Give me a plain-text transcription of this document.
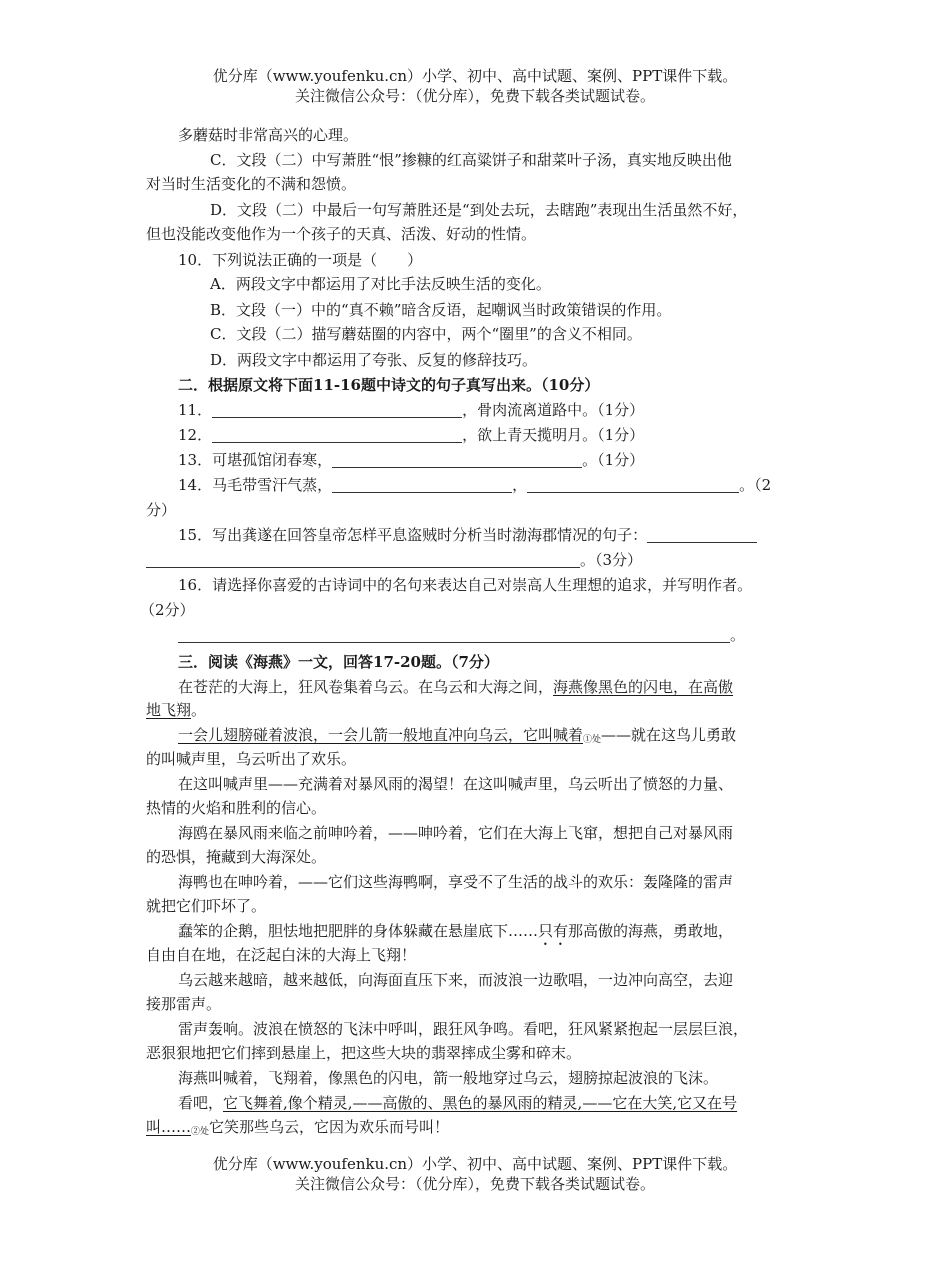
优分库（www.youfenku.cn）小学、初中、高中试题、案例、PPT课件下载。
关注微信公众号：（优分库），免费下载各类试题试卷。
多蘑菇时非常高兴的心理。
C．文段（二）中写萧胜“恨”掺糠的红高粱饼子和甜菜叶子汤，真实地反映出他
对当时生活变化的不满和怨愤。
D．文段（二）中最后一句写萧胜还是“到处去玩，去瞎跑”表现出生活虽然不好，
但也没能改变他作为一个孩子的天真、活泼、好动的性情。
10．下列说法正确的一项是（　　）
A．两段文字中都运用了对比手法反映生活的变化。
B．文段（一）中的“真不赖”暗含反语，起嘲讽当时政策错误的作用。
C．文段（二）描写蘑菇圈的内容中，两个“圈里”的含义不相同。
D．两段文字中都运用了夸张、反复的修辞技巧。
二．根据原文将下面11-16题中诗文的句子真写出来。（10分）
11．	，骨肉流离道路中。（1分）
12．	，欲上青天揽明月。（1分）
13．可堪孤馆闭春寒，	。（1分）
14．马毛带雪汗气蒸，	，	。（2
分）
15．写出龚遂在回答皇帝怎样平息盗贼时分析当时渤海郡情况的句子：
。（3分）
16．请选择你喜爱的古诗词中的名句来表达自己对崇高人生理想的追求，并写明作者。
（2分）
。
三．阅读《海燕》一文，回答17-20题。（7分）
在苍茫的大海上，狂风卷集着乌云。在乌云和大海之间，海燕像黑色的闪电，在高傲
地飞翔。
一会儿翅膀碰着波浪，一会儿箭一般地直冲向乌云，它叫喊着$_{①处}$——就在这鸟儿勇敢
的叫喊声里，乌云听出了欢乐。
在这叫喊声里——充满着对暴风雨的渴望！在这叫喊声里，乌云听出了愤怒的力量、
热情的火焰和胜利的信心。
海鸥在暴风雨来临之前呻吟着，——呻吟着，它们在大海上飞窜，想把自己对暴风雨
的恐惧，掩藏到大海深处。
海鸭也在呻吟着，——它们这些海鸭啊，享受不了生活的战斗的欢乐：轰隆隆的雷声
就把它们吓坏了。
蠢笨的企鹅，胆怯地把肥胖的身体躲藏在悬崖底下……只有那高傲的海燕，勇敢地，
自由自在地，在泛起白沫的大海上飞翔！
乌云越来越暗，越来越低，向海面直压下来，而波浪一边歌唱，一边冲向高空，去迎
接那雷声。
雷声轰响。波浪在愤怒的飞沫中呼叫，跟狂风争鸣。看吧，狂风紧紧抱起一层层巨浪，
恶狠狠地把它们摔到悬崖上，把这些大块的翡翠摔成尘雾和碎末。
海燕叫喊着，飞翔着，像黑色的闪电，箭一般地穿过乌云，翅膀掠起波浪的飞沫。
看吧，它飞舞着,像个精灵,——高傲的、黑色的暴风雨的精灵,——它在大笑,它又在号
叫$\dots\dots_{②处}$它笑那些乌云，它因为欢乐而号叫！
优分库（www.youfenku.cn）小学、初中、高中试题、案例、PPT课件下载。
关注微信公众号：（优分库），免费下载各类试题试卷。
